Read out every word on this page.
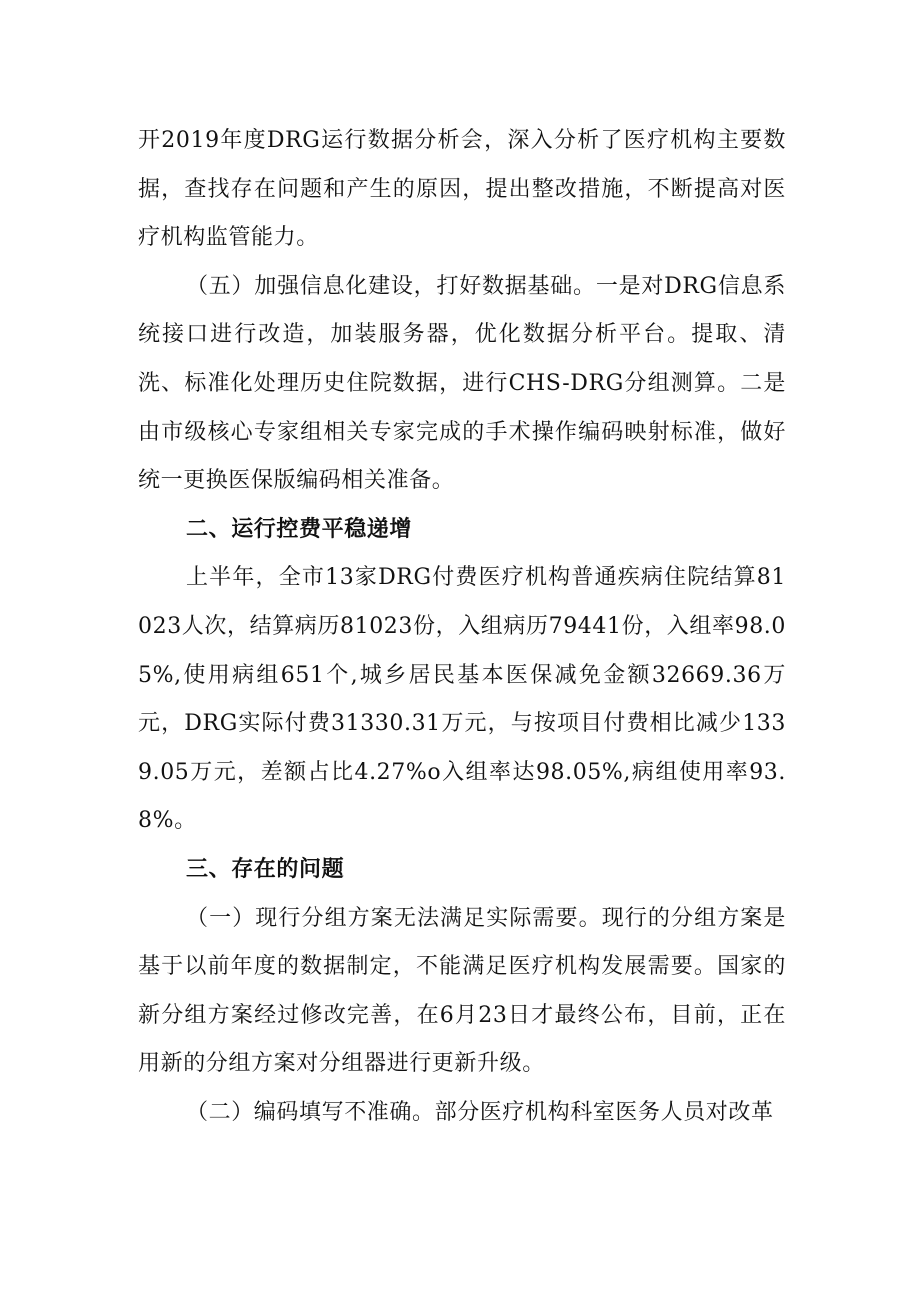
开2019年度DRG运行数据分析会，深入分析了医疗机构主要数据，查找存在问题和产生的原因，提出整改措施，不断提高对医疗机构监管能力。

（五）加强信息化建设，打好数据基础。一是对DRG信息系统接口进行改造，加装服务器，优化数据分析平台。提取、清洗、标准化处理历史住院数据，进行CHS-DRG分组测算。二是由市级核心专家组相关专家完成的手术操作编码映射标准，做好统一更换医保版编码相关准备。

二、运行控费平稳递增

上半年，全市13家DRG付费医疗机构普通疾病住院结算81023人次，结算病历81023份，入组病历79441份，入组率98.05%,使用病组651个,城乡居民基本医保减免金额32669.36万元，DRG实际付费31330.31万元，与按项目付费相比减少1339.05万元，差额占比4.27%o入组率达98.05%,病组使用率93.8%。

三、存在的问题

（一）现行分组方案无法满足实际需要。现行的分组方案是基于以前年度的数据制定，不能满足医疗机构发展需要。国家的新分组方案经过修改完善，在6月23日才最终公布，目前，正在用新的分组方案对分组器进行更新升级。

（二）编码填写不准确。部分医疗机构科室医务人员对改革
